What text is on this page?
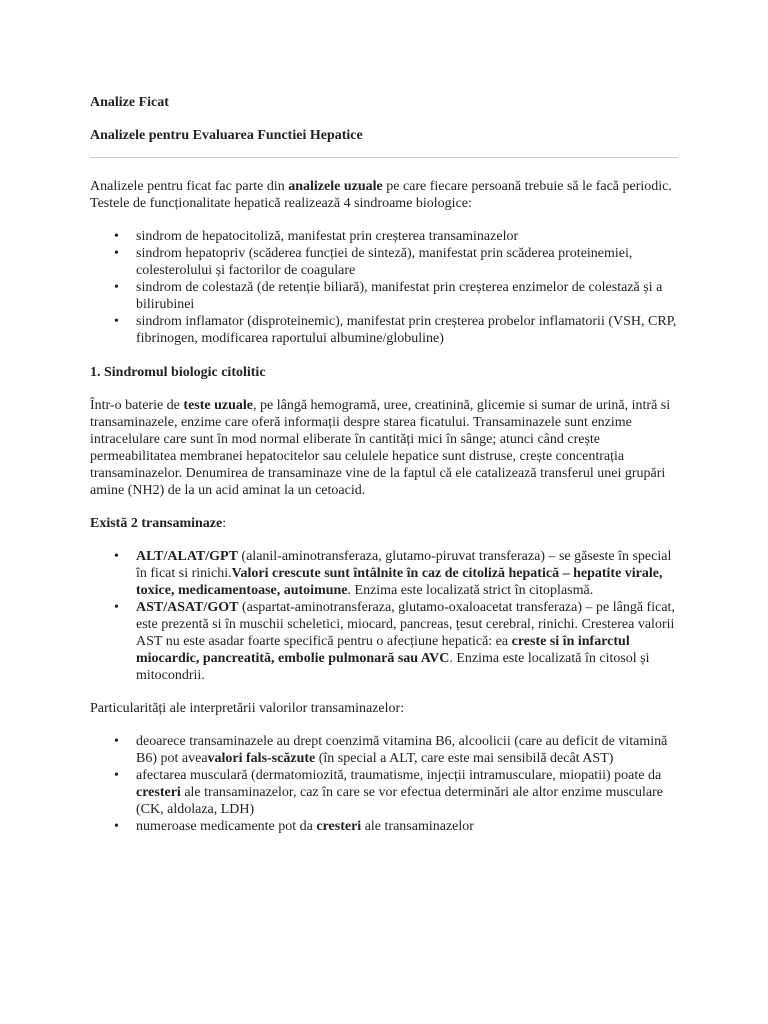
Analize Ficat

Analizele pentru Evaluarea Functiei Hepatice

Analizele pentru ficat fac parte din analizele uzuale pe care fiecare persoană trebuie să le facă periodic. Testele de funcționalitate hepatică realizează 4 sindroame biologice:

• sindrom de hepatocitoliză, manifestat prin creșterea transaminazelor
• sindrom hepatopriv (scăderea funcției de sinteză), manifestat prin scăderea proteinemiei, colesterolului și factorilor de coagulare
• sindrom de colestază (de retenție biliară), manifestat prin creșterea enzimelor de colestază și a bilirubinei
• sindrom inflamator (disproteinemic), manifestat prin creșterea probelor inflamatorii (VSH, CRP, fibrinogen, modificarea raportului albumine/globuline)

1. Sindromul biologic citolitic

Într-o baterie de teste uzuale, pe lângă hemogramă, uree, creatinină, glicemie si sumar de urină, intră si transaminazele, enzime care oferă informații despre starea ficatului. Transaminazele sunt enzime intracelulare care sunt în mod normal eliberate în cantități mici în sânge; atunci când crește permeabilitatea membranei hepatocitelor sau celulele hepatice sunt distruse, crește concentrația transaminazelor. Denumirea de transaminaze vine de la faptul că ele catalizează transferul unei grupări amine (NH2) de la un acid aminat la un cetoacid.

Există 2 transaminaze:

• ALT/ALAT/GPT (alanil-aminotransferaza, glutamo-piruvat transferaza) – se găseste în special în ficat si rinichi.Valori crescute sunt întâlnite în caz de citoliză hepatică – hepatite virale, toxice, medicamentoase, autoimune. Enzima este localizată strict în citoplasmă.
• AST/ASAT/GOT (aspartat-aminotransferaza, glutamo-oxaloacetat transferaza) – pe lângă ficat, este prezentă si în muschii scheletici, miocard, pancreas, țesut cerebral, rinichi. Cresterea valorii AST nu este asadar foarte specifică pentru o afecțiune hepatică: ea creste si în infarctul miocardic, pancreatită, embolie pulmonară sau AVC. Enzima este localizată în citosol și mitocondrii.

Particularități ale interpretării valorilor transaminazelor:

• deoarece transaminazele au drept coenzimă vitamina B6, alcoolicii (care au deficit de vitamină B6) pot aveavalori fals-scăzute (în special a ALT, care este mai sensibilă decât AST)
• afectarea musculară (dermatomiozită, traumatisme, injecții intramusculare, miopatii) poate da cresteri ale transaminazelor, caz în care se vor efectua determinări ale altor enzime musculare (CK, aldolaza, LDH)
• numeroase medicamente pot da cresteri ale transaminazelor
